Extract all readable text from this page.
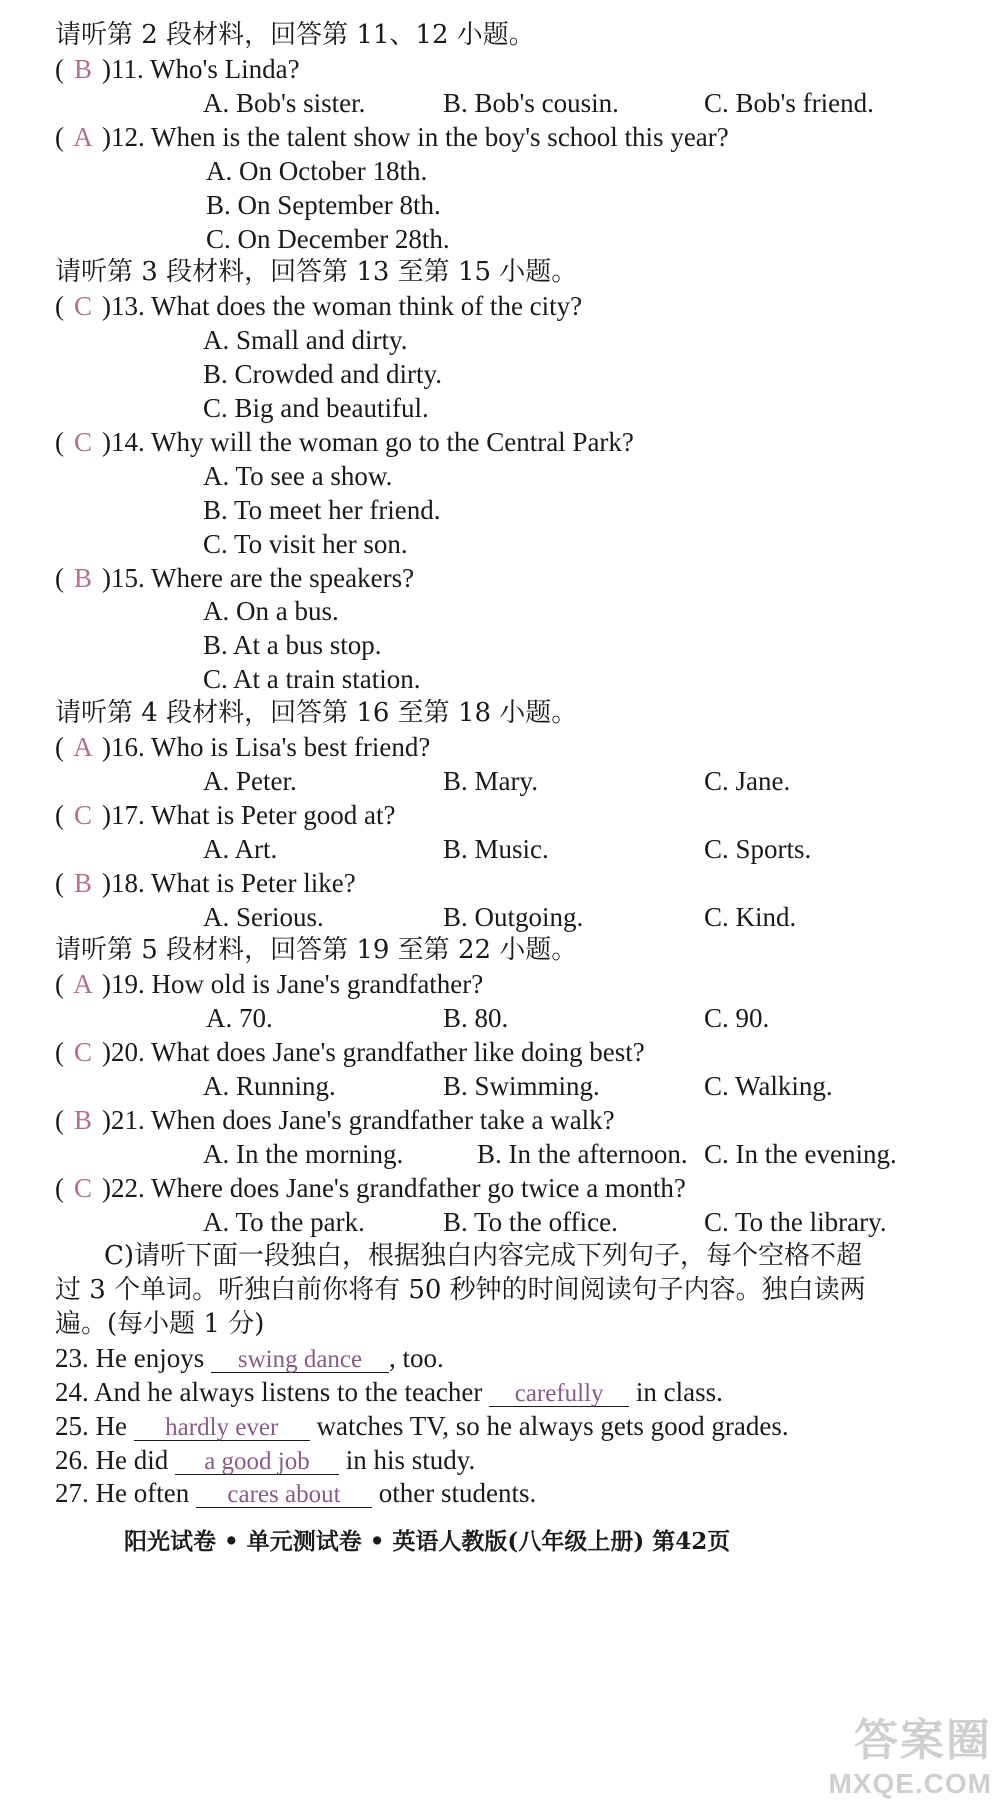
请听第 2 段材料，回答第 11、12 小题。
( B )11. Who's Linda?
A. Bob's sister.	B. Bob's cousin.	C. Bob's friend.
( A )12. When is the talent show in the boy's school this year?
A. On October 18th.
B. On September 8th.
C. On December 28th.
请听第 3 段材料，回答第 13 至第 15 小题。
( C )13. What does the woman think of the city?
A. Small and dirty.
B. Crowded and dirty.
C. Big and beautiful.
( C )14. Why will the woman go to the Central Park?
A. To see a show.
B. To meet her friend.
C. To visit her son.
( B )15. Where are the speakers?
A. On a bus.
B. At a bus stop.
C. At a train station.
请听第 4 段材料，回答第 16 至第 18 小题。
( A )16. Who is Lisa's best friend?
A. Peter.	B. Mary.	C. Jane.
( C )17. What is Peter good at?
A. Art.	B. Music.	C. Sports.
( B )18. What is Peter like?
A. Serious.	B. Outgoing.	C. Kind.
请听第 5 段材料，回答第 19 至第 22 小题。
( A )19. How old is Jane's grandfather?
A. 70.	B. 80.	C. 90.
( C )20. What does Jane's grandfather like doing best?
A. Running.	B. Swimming.	C. Walking.
( B )21. When does Jane's grandfather take a walk?
A. In the morning.	B. In the afternoon. C. In the evening.
( C )22. Where does Jane's grandfather go twice a month?
A. To the park.	B. To the office.	C. To the library.
C)请听下面一段独白，根据独白内容完成下列句子，每个空格不超
过 3 个单词。听独白前你将有 50 秒钟的时间阅读句子内容。独白读两
遍。(每小题 1 分)
23. He enjoys swing dance , too.
24. And he always listens to the teacher carefully in class.
25. He hardly ever watches TV, so he always gets good grades.
26. He did a good job in his study.
27. He often cares about other students.
阳光试卷 • 单元测试卷 • 英语人教版(八年级上册) 第42页
答案圈
MXQE.COM
